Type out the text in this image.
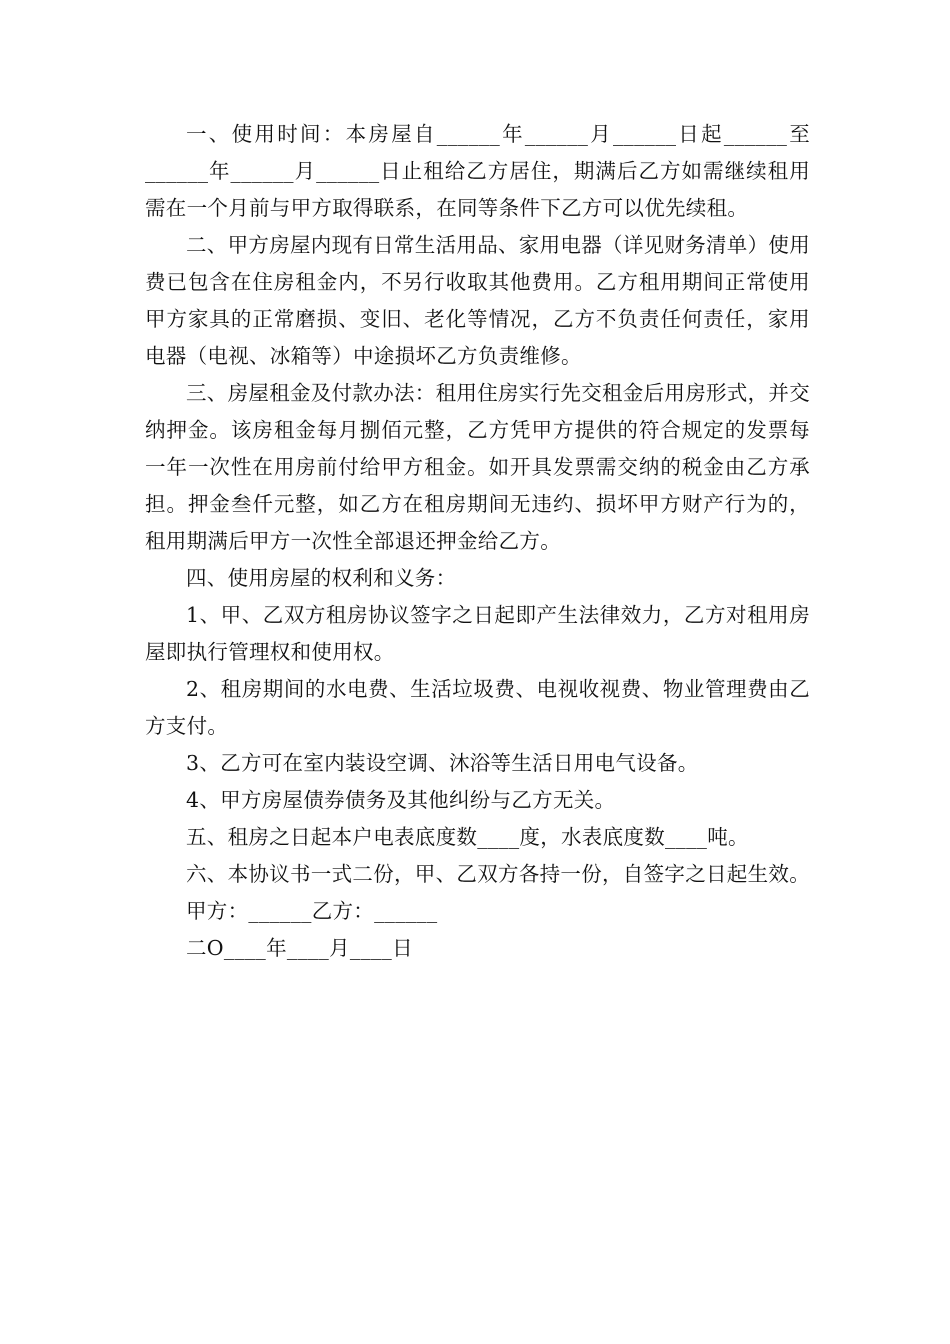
一、使用时间：本房屋自______年______月______日起______至______年______月______日止租给乙方居住，期满后乙方如需继续租用需在一个月前与甲方取得联系，在同等条件下乙方可以优先续租。

二、甲方房屋内现有日常生活用品、家用电器（详见财务清单）使用费已包含在住房租金内，不另行收取其他费用。乙方租用期间正常使用甲方家具的正常磨损、变旧、老化等情况，乙方不负责任何责任，家用电器（电视、冰箱等）中途损坏乙方负责维修。

三、房屋租金及付款办法：租用住房实行先交租金后用房形式，并交纳押金。该房租金每月捌佰元整，乙方凭甲方提供的符合规定的发票每一年一次性在用房前付给甲方租金。如开具发票需交纳的税金由乙方承担。押金叁仟元整，如乙方在租房期间无违约、损坏甲方财产行为的，租用期满后甲方一次性全部退还押金给乙方。

四、使用房屋的权利和义务：

1、甲、乙双方租房协议签字之日起即产生法律效力，乙方对租用房屋即执行管理权和使用权。

2、租房期间的水电费、生活垃圾费、电视收视费、物业管理费由乙方支付。

3、乙方可在室内装设空调、沐浴等生活日用电气设备。

4、甲方房屋债券债务及其他纠纷与乙方无关。

五、租房之日起本户电表底度数____度，水表底度数____吨。

六、本协议书一式二份，甲、乙双方各持一份，自签字之日起生效。

甲方：______乙方：______

二O____年____月____日
